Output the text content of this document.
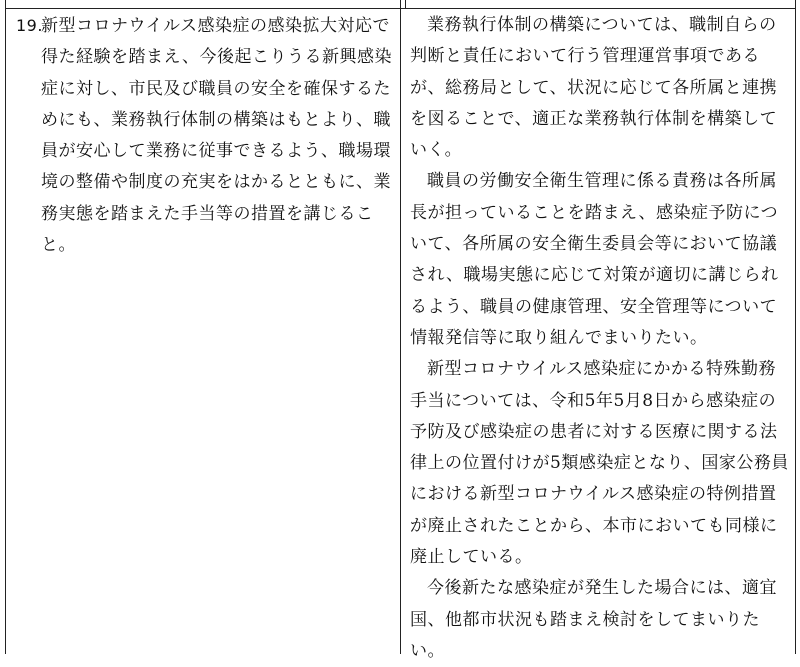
19.新型コロナウイルス感染症の感染拡大対応で得た経験を踏まえ、今後起こりうる新興感染症に対し、市民及び職員の安全を確保するためにも、業務執行体制の構築はもとより、職員が安心して業務に従事できるよう、職場環境の整備や制度の充実をはかるとともに、業務実態を踏まえた手当等の措置を講じること。

業務執行体制の構築については、職制自らの判断と責任において行う管理運営事項であるが、総務局として、状況に応じて各所属と連携を図ることで、適正な業務執行体制を構築していく。

職員の労働安全衛生管理に係る責務は各所属長が担っていることを踏まえ、感染症予防について、各所属の安全衛生委員会等において協議され、職場実態に応じて対策が適切に講じられるよう、職員の健康管理、安全管理等について情報発信等に取り組んでまいりたい。

新型コロナウイルス感染症にかかる特殊勤務手当については、令和5年5月8日から感染症の予防及び感染症の患者に対する医療に関する法律上の位置付けが5類感染症となり、国家公務員における新型コロナウイルス感染症の特例措置が廃止されたことから、本市においても同様に廃止している。

今後新たな感染症が発生した場合には、適宜国、他都市状況も踏まえ検討をしてまいりたい。
